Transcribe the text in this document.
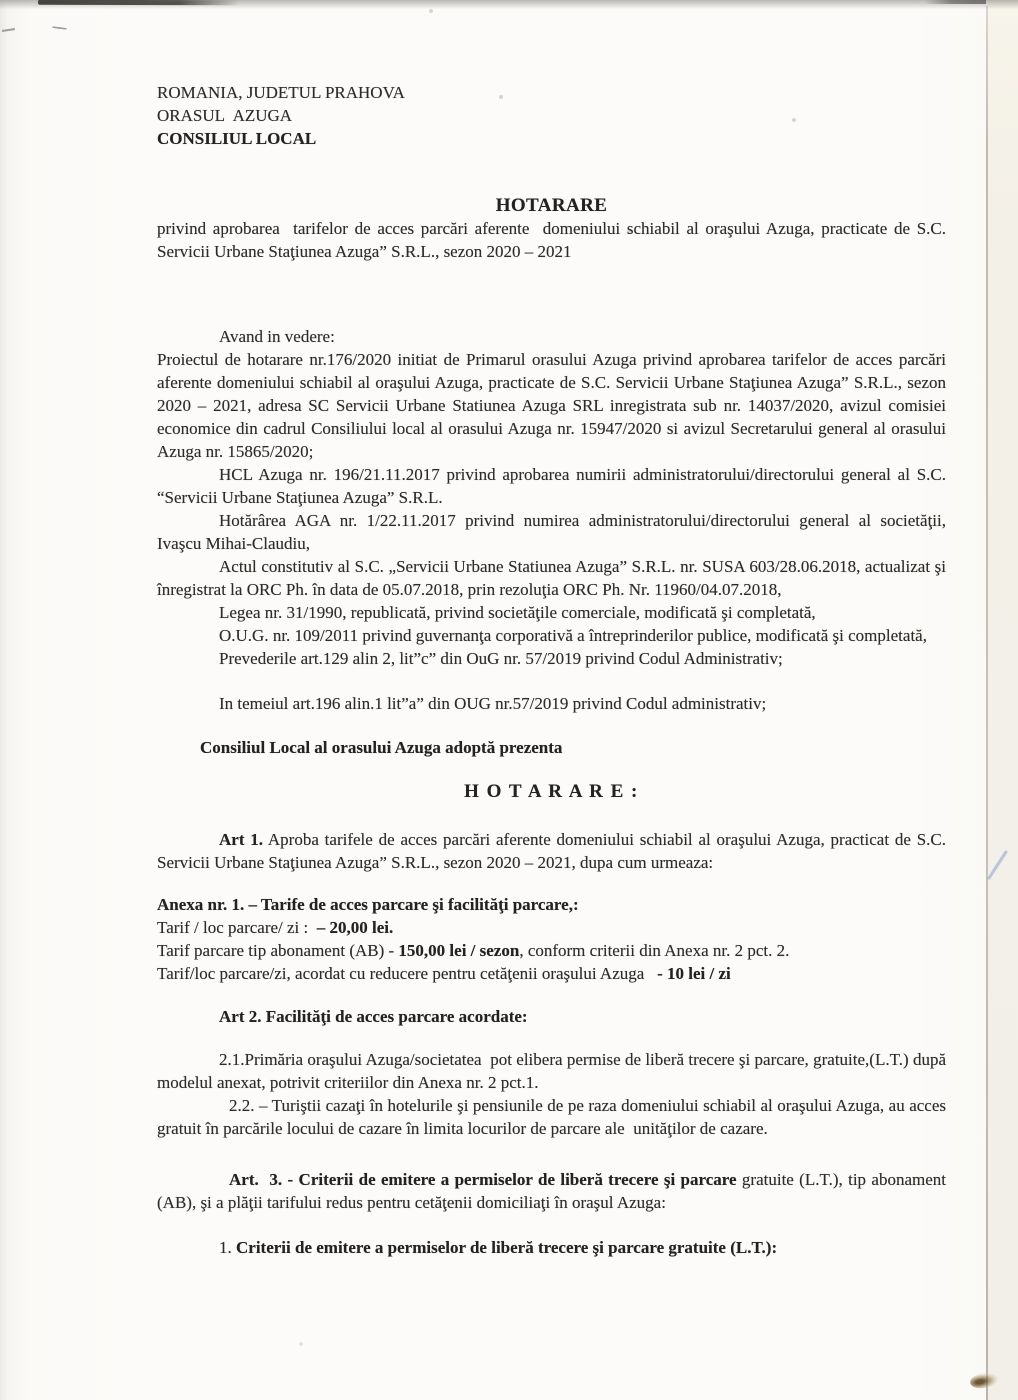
ROMANIA, JUDETUL PRAHOVA
ORASUL  AZUGA
CONSILIUL LOCAL

HOTARARE

privind aprobarea  tarifelor de acces parcări aferente  domeniului schiabil al oraşului Azuga, practicate de S.C. Servicii Urbane Staţiunea Azuga” S.R.L., sezon 2020 – 2021

Avand in vedere:

Proiectul de hotarare nr.176/2020 initiat de Primarul orasului Azuga privind aprobarea tarifelor de acces parcări aferente domeniului schiabil al oraşului Azuga, practicate de S.C. Servicii Urbane Staţiunea Azuga” S.R.L., sezon 2020 – 2021, adresa SC Servicii Urbane Statiunea Azuga SRL inregistrata sub nr. 14037/2020, avizul comisiei economice din cadrul Consiliului local al orasului Azuga nr. 15947/2020 si avizul Secretarului general al orasului Azuga nr. 15865/2020;

HCL Azuga nr. 196/21.11.2017 privind aprobarea numirii administratorului/directorului general al S.C. “Servicii Urbane Staţiunea Azuga” S.R.L.

Hotărârea AGA nr. 1/22.11.2017 privind numirea administratorului/directorului general al societăţii, Ivaşcu Mihai-Claudiu,

Actul constitutiv al S.C. „Servicii Urbane Statiunea Azuga” S.R.L. nr. SUSA 603/28.06.2018, actualizat şi înregistrat la ORC Ph. în data de 05.07.2018, prin rezoluţia ORC Ph. Nr. 11960/04.07.2018,

Legea nr. 31/1990, republicată, privind societăţile comerciale, modificată şi completată,

O.U.G. nr. 109/2011 privind guvernanţa corporativă a întreprinderilor publice, modificată şi completată,

Prevederile art.129 alin 2, lit”c” din OuG nr. 57/2019 privind Codul Administrativ;

In temeiul art.196 alin.1 lit”a” din OUG nr.57/2019 privind Codul administrativ;

Consiliul Local al orasului Azuga adoptă prezenta

H O T A R A R E :

Art 1. Aproba tarifele de acces parcări aferente domeniului schiabil al oraşului Azuga, practicat de S.C. Servicii Urbane Staţiunea Azuga” S.R.L., sezon 2020 – 2021, dupa cum urmeaza:

Anexa nr. 1. – Tarife de acces parcare şi facilităţi parcare,:

Tarif / loc parcare/ zi :  – 20,00 lei.

Tarif parcare tip abonament (AB) - 150,00 lei / sezon, conform criterii din Anexa nr. 2 pct. 2.

Tarif/loc parcare/zi, acordat cu reducere pentru cetăţenii oraşului Azuga   - 10 lei / zi

Art 2. Facilităţi de acces parcare acordate:

2.1.Primăria oraşului Azuga/societatea  pot elibera permise de liberă trecere şi parcare, gratuite,(L.T.) după modelul anexat, potrivit criteriilor din Anexa nr. 2 pct.1.

2.2. – Turiştii cazaţi în hotelurile şi pensiunile de pe raza domeniului schiabil al oraşului Azuga, au acces gratuit în parcările locului de cazare în limita locurilor de parcare ale  unităţilor de cazare.

Art.  3. - Criterii de emitere a permiselor de liberă trecere şi parcare gratuite (L.T.), tip abonament (AB), şi a plăţii tarifului redus pentru cetăţenii domiciliaţi în oraşul Azuga:

1. Criterii de emitere a permiselor de liberă trecere şi parcare gratuite (L.T.):
